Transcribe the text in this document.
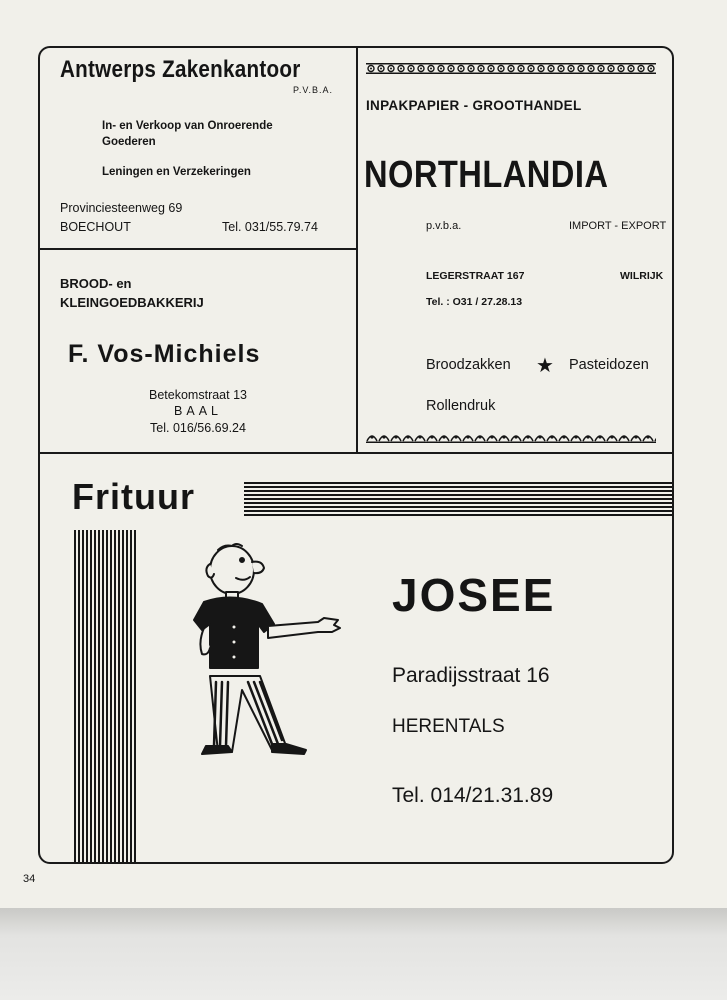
Antwerps Zakenkantoor
P.V.B.A.
In- en Verkoop van Onroerende
Goederen
Leningen en Verzekeringen
Provinciesteenweg 69
BOECHOUT	Tel. 031/55.79.74
BROOD- en
KLEINGOEDBAKKERIJ
F. Vos-Michiels
Betekomstraat 13
BAAL
Tel. 016/56.69.24
INPAKPAPIER - GROOTHANDEL
NORTHLANDIA
p.v.b.a.	IMPORT - EXPORT
LEGERSTRAAT 167	WILRIJK
Tel. : O31 / 27.28.13
Broodzakken ★ Pasteidozen
Rollendruk
Frituur
JOSEE
Paradijsstraat 16
HERENTALS
Tel. 014/21.31.89
34
